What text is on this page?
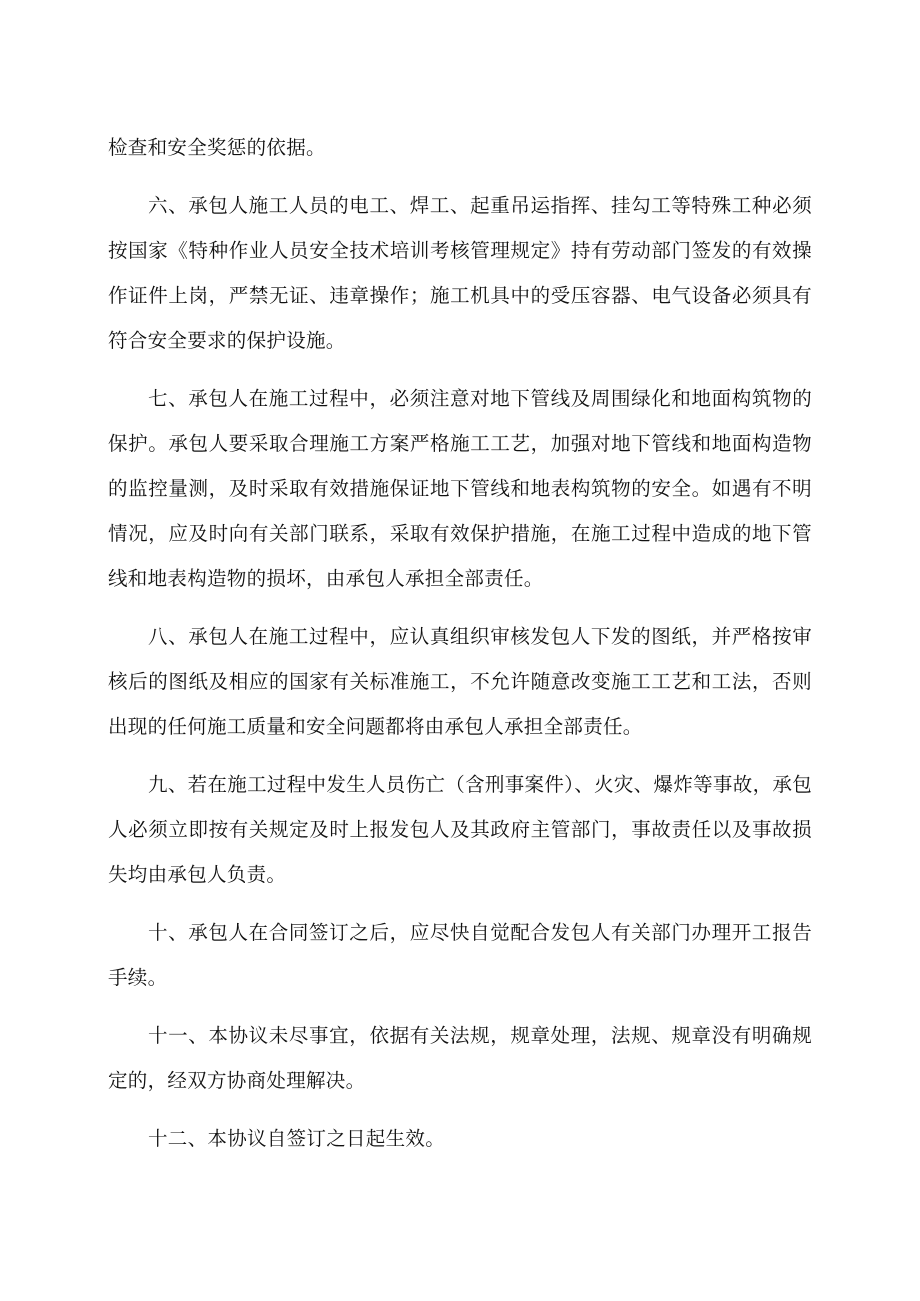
检查和安全奖惩的依据。

六、承包人施工人员的电工、焊工、起重吊运指挥、挂勾工等特殊工种必须按国家《特种作业人员安全技术培训考核管理规定》持有劳动部门签发的有效操作证件上岗，严禁无证、违章操作；施工机具中的受压容器、电气设备必须具有符合安全要求的保护设施。

七、承包人在施工过程中，必须注意对地下管线及周围绿化和地面构筑物的保护。承包人要采取合理施工方案严格施工工艺，加强对地下管线和地面构造物的监控量测，及时采取有效措施保证地下管线和地表构筑物的安全。如遇有不明情况，应及时向有关部门联系，采取有效保护措施，在施工过程中造成的地下管线和地表构造物的损坏，由承包人承担全部责任。

八、承包人在施工过程中，应认真组织审核发包人下发的图纸，并严格按审核后的图纸及相应的国家有关标准施工，不允许随意改变施工工艺和工法，否则出现的任何施工质量和安全问题都将由承包人承担全部责任。

九、若在施工过程中发生人员伤亡（含刑事案件）、火灾、爆炸等事故，承包人必须立即按有关规定及时上报发包人及其政府主管部门，事故责任以及事故损失均由承包人负责。

十、承包人在合同签订之后，应尽快自觉配合发包人有关部门办理开工报告手续。

十一、本协议未尽事宜，依据有关法规，规章处理，法规、规章没有明确规定的，经双方协商处理解决。

十二、本协议自签订之日起生效。
